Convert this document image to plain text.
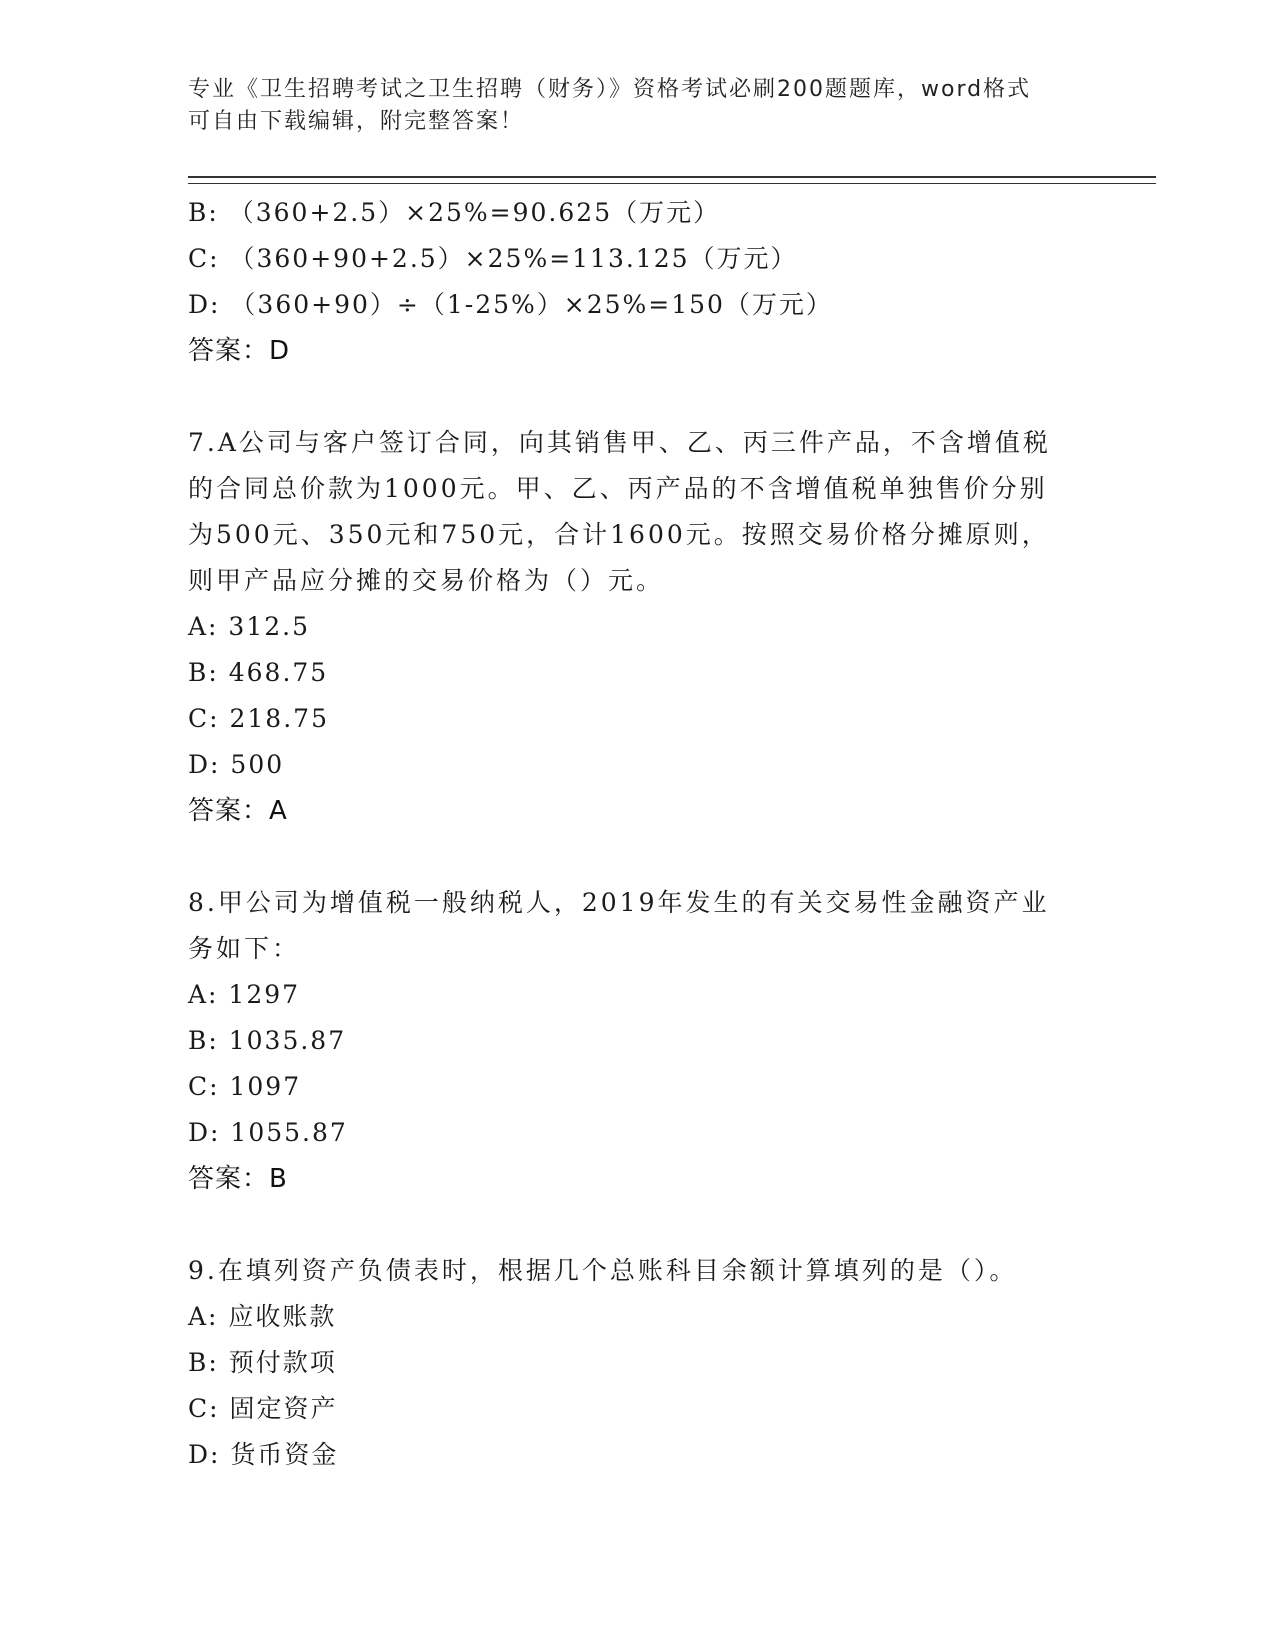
专业《卫生招聘考试之卫生招聘（财务）》资格考试必刷200题题库，word格式
可自由下载编辑，附完整答案！
B: （360+2.5）×25%=90.625（万元）
C: （360+90+2.5）×25%=113.125（万元）
D: （360+90）÷（1-25%）×25%=150（万元）
答案：D
7.A公司与客户签订合同，向其销售甲、乙、丙三件产品，不含增值税
的合同总价款为1000元。甲、乙、丙产品的不含增值税单独售价分别
为500元、350元和750元，合计1600元。按照交易价格分摊原则，
则甲产品应分摊的交易价格为（）元。
A: 312.5
B: 468.75
C: 218.75
D: 500
答案：A
8.甲公司为增值税一般纳税人，2019年发生的有关交易性金融资产业
务如下：
A: 1297
B: 1035.87
C: 1097
D: 1055.87
答案：B
9.在填列资产负债表时，根据几个总账科目余额计算填列的是（）。
A: 应收账款
B: 预付款项
C: 固定资产
D: 货币资金
